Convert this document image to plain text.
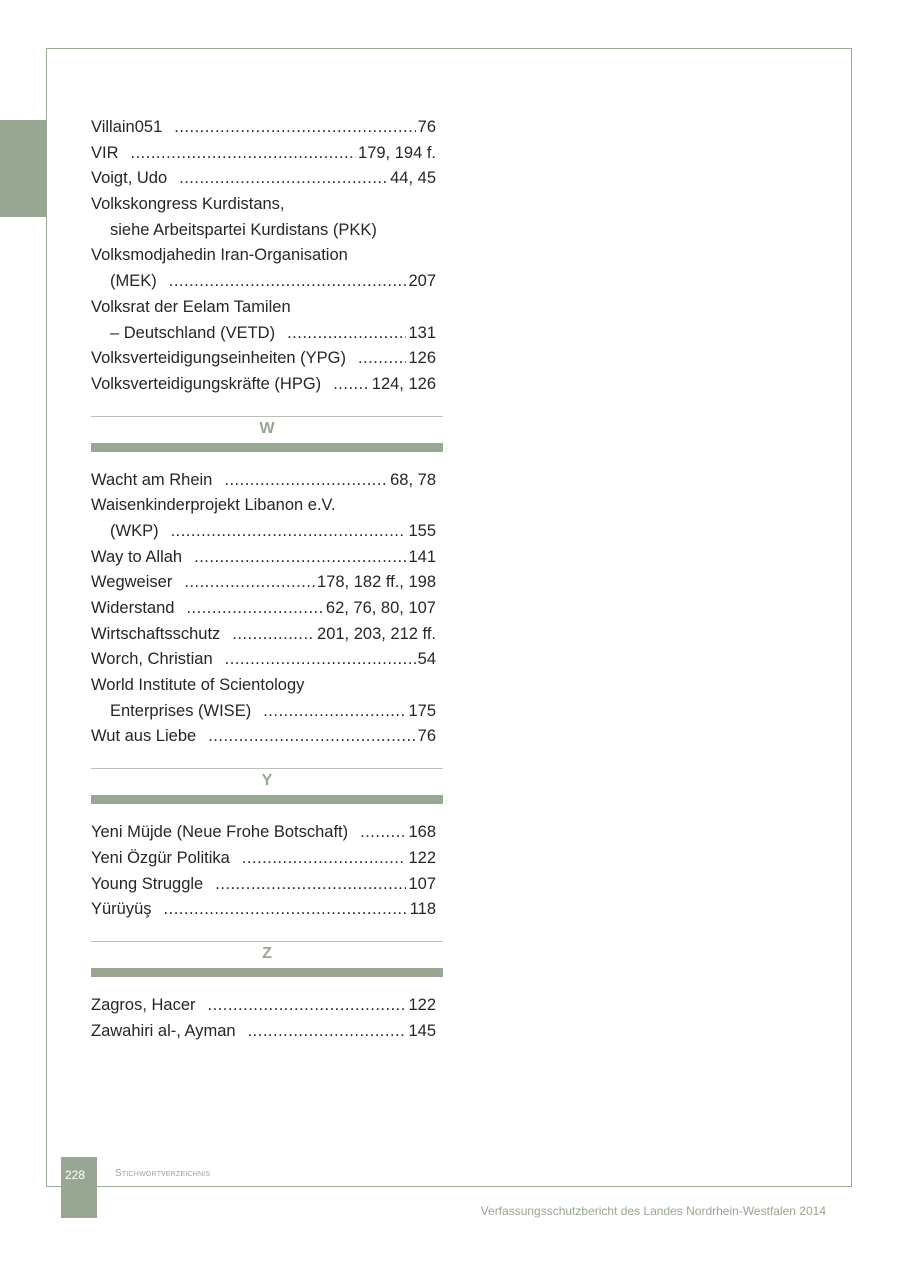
Villain051 .....	76
VIR .....	179, 194 f.
Voigt, Udo .....	44, 45
Volkskongress Kurdistans,
siehe Arbeitspartei Kurdistans (PKK)
Volksmodjahedin Iran-Organisation
(MEK) .....	207
Volksrat der Eelam Tamilen
– Deutschland (VETD) .....	131
Volksverteidigungseinheiten (YPG) .....	126
Volksverteidigungskräfte (HPG) .....	124, 126
W
Wacht am Rhein .....	68, 78
Waisenkinderprojekt Libanon e.V.
(WKP) .....	155
Way to Allah .....	141
Wegweiser .....	178, 182 ff., 198
Widerstand .....	62, 76, 80, 107
Wirtschaftsschutz .....	201, 203, 212 ff.
Worch, Christian .....	54
World Institute of Scientology
Enterprises (WISE) .....	175
Wut aus Liebe .....	76
Y
Yeni Müjde (Neue Frohe Botschaft) .....	168
Yeni Özgür Politika .....	122
Young Struggle .....	107
Yürüyüş .....	118
Z
Zagros, Hacer .....	122
Zawahiri al-, Ayman .....	145
228	Stichwortverzeichnis
Verfassungsschutzbericht des Landes Nordrhein-Westfalen 2014
